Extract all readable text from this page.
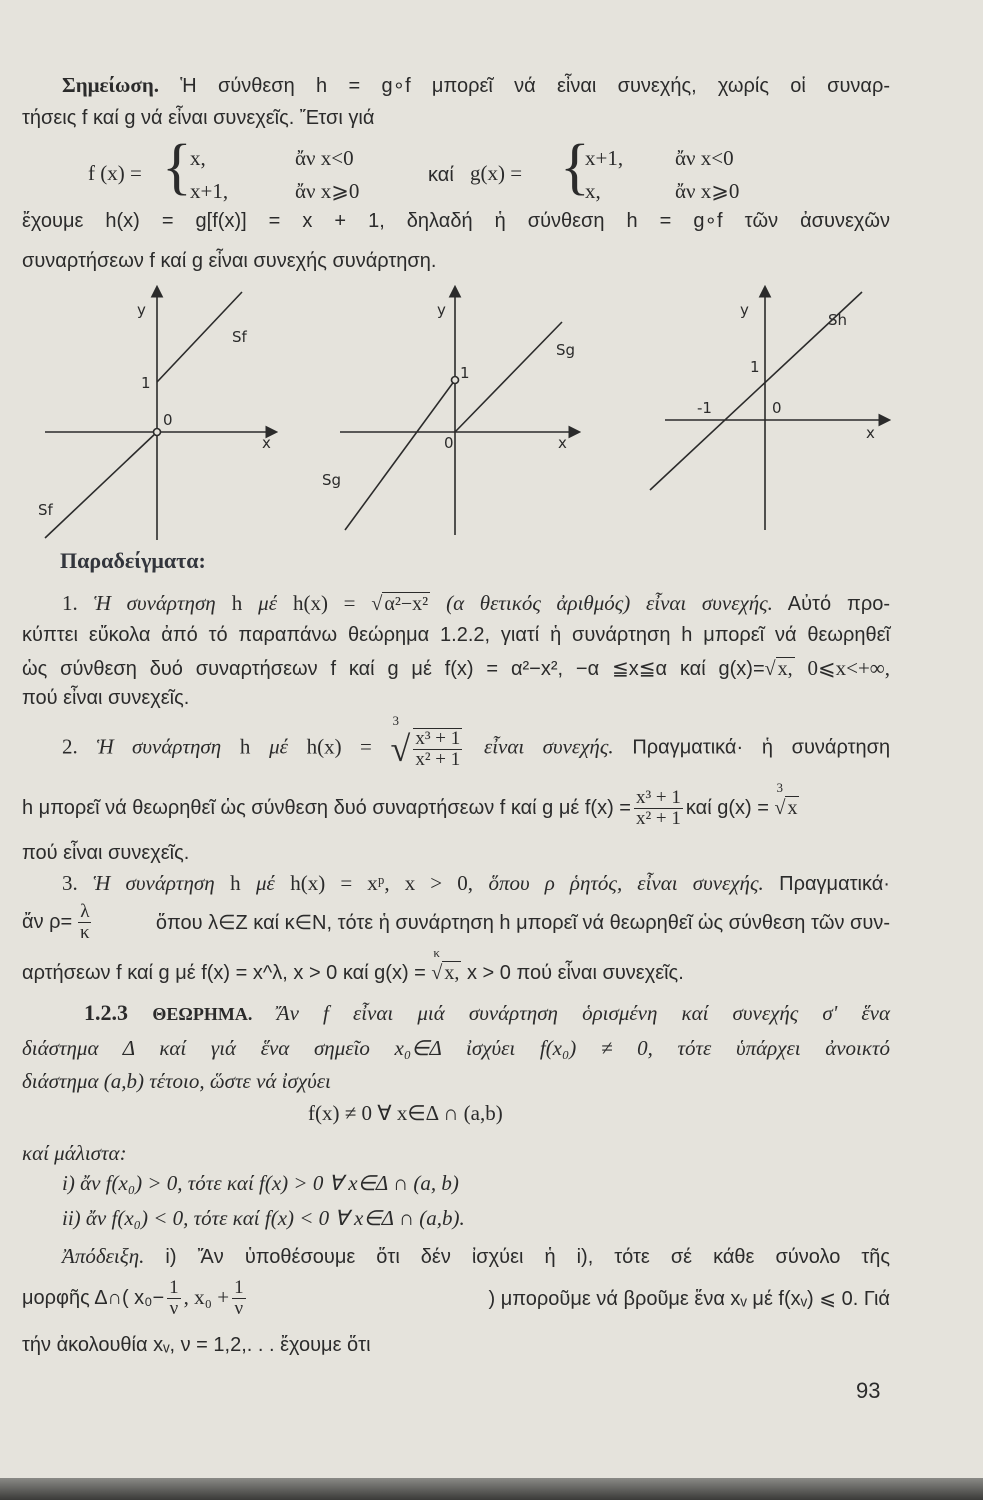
Σημείωση. Ἡ σύνθεση h = g∘f μπορεῖ νά εἶναι συνεχής, χωρίς οἱ συναρ-
τήσεις f καί g νά εἶναι συνεχεῖς. Ἔτσι γιά
f (x) = {
x,	ἄν x<0
x+1,	ἄν x⩾0
καί g(x) = {
x+1, ἄν x<0
x,	ἄν x⩾0
ἔχουμε h(x) = g[f(x)] = x + 1, δηλαδή ἡ σύνθεση h = g∘f τῶν ἀσυνεχῶν
συναρτήσεων f καί g εἶναι συνεχής συνάρτηση.
y
x
0
1
Sf
Sf
y
x
0
1
Sg
Sg
y
x
0
1
-1
Sh
Παραδείγματα:
1. Ἡ συνάρτηση h μέ h(x) = √ α²−x² (α θετικός ἀριθμός) εἶναι συνεχής. Αὐτό προ-
κύπτει εὔκολα ἀπό τό παραπάνω θεώρημα 1.2.2, γιατί ἡ συνάρτηση h μπορεῖ νά θεωρηθεῖ
ὡς σύνθεση δυό συναρτήσεων f καί g μέ f(x) = α²−x², −α ≦x≦α καί g(x)=√ x, 0⩽x<+∞,
πού εἶναι συνεχεῖς.
2. Ἡ συνάρτηση h μέ h(x) =
3
√ $\frac{\text{x³ + 1}}{\text{x² + 1}}$ εἶναι συνεχής. Πραγματικά· ἡ συνάρτηση
h μπορεῖ νά θεωρηθεῖ ὡς σύνθεση δυό συναρτήσεων f καί g μέ $f(x) = \frac{\text{x³ + 1}}{\text{x² + 1}}$ καί g(x) =
3
√ x
πού εἶναι συνεχεῖς.
3. Ἡ συνάρτηση h μέ h(x) = xᵖ, x > 0, ὅπου ρ ῥητός, εἶναι συνεχής. Πραγματικά·
ἄν $\rho= \frac{\lambda}{\kappa}$	ὅπου λ∈Z καί κ∈N, τότε ἡ συνάρτηση h μπορεῖ νά θεωρηθεῖ ὡς σύνθεση τῶν συν-
αρτήσεων f καί g μέ f(x) = x^λ, x > 0 καί g(x) =
κ
√ x, x > 0 πού εἶναι συνεχεῖς.
1.2.3 ΘΕΩΡΗΜΑ. Ἄν f εἶναι μιά συνάρτηση ὁρισμένη καί συνεχής σ' ἕνα
διάστημα Δ καί γιά ἕνα σημεῖο x₀∈Δ ἰσχύει f(x₀) ≠ 0, τότε ὑπάρχει ἀνοικτό
διάστημα (a,b) τέτοιο, ὥστε νά ἰσχύει
f(x) ≠ 0 ∀ x∈Δ ∩ (a,b)
καί μάλιστα:
i) ἄν f(x₀) > 0, τότε καί f(x) > 0 ∀ x∈Δ ∩ (a, b)
ii) ἄν f(x₀) < 0, τότε καί f(x) < 0 ∀ x∈Δ ∩ (a,b).
Ἀπόδειξη. i) Ἄν ὑποθέσουμε ὅτι δέν ἰσχύει ἡ i), τότε σέ κάθε σύνολο τῆς
μορφῆς Δ∩( $x_0- \frac{1}{\nu}$ , $x_0 + \frac{1}{\nu}$	) μποροῦμε νά βροῦμε ἕνα xᵥ μέ f(xᵥ) ⩽ 0. Γιά
τήν ἀκολουθία xᵥ, ν = 1,2,. . . ἔχουμε ὅτι
93
